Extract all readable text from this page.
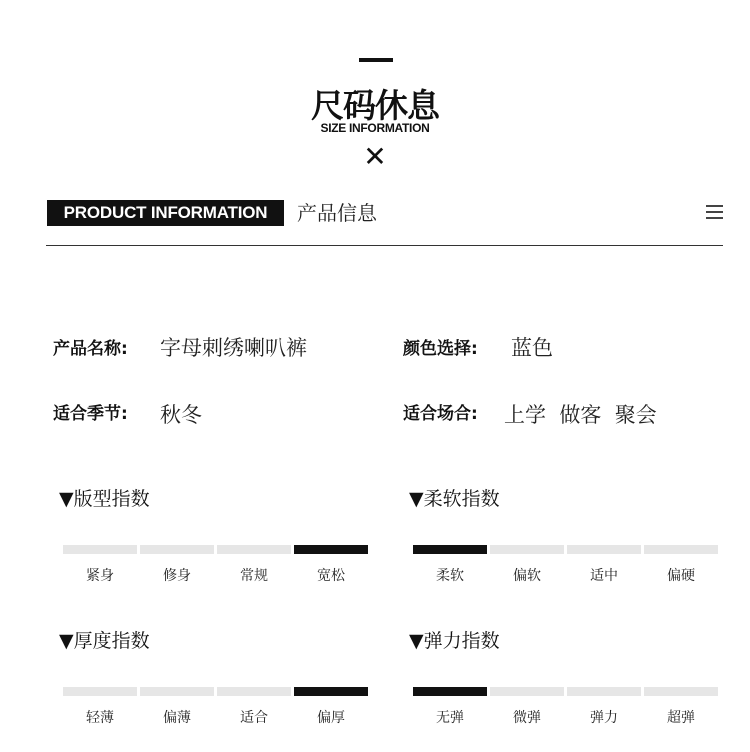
尺码休息
SIZE INFORMATION
✕
PRODUCT INFORMATION	产品信息
产品名称: 字母刺绣喇叭裤	颜色选择: 蓝色
适合季节: 秋冬	适合场合: 上学  做客  聚会
▼版型指数
紧身	修身	常规	宽松
▼柔软指数
柔软	偏软	适中	偏硬
▼厚度指数
轻薄	偏薄	适合	偏厚
▼弹力指数
无弹	微弹	弹力	超弹
